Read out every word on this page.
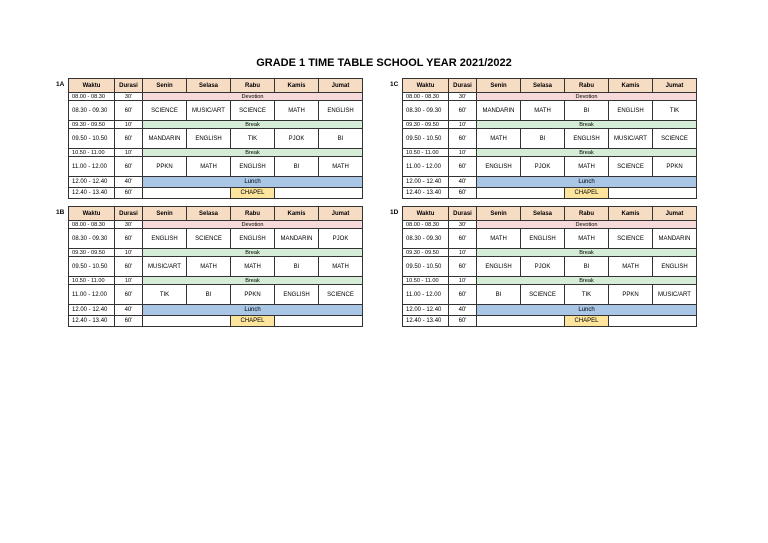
GRADE 1 TIME TABLE SCHOOL YEAR 2021/2022
1A	Waktu	Durasi	Senin	Selasa	Rabu	Kamis	Jumat
08.00 - 08.30	30'	Devotion				
08.30 - 09.30	60'	SCIENCE	MUSIC/ART	SCIENCE	MATH	ENGLISH
09.30 - 09.50	10'	Break				
09.50 - 10.50	60'	MANDARIN	ENGLISH	TIK	PJOK	BI
10.50 - 11.00	10'	Break				
11.00 - 12.00	60'	PPKN	MATH	ENGLISH	BI	MATH
12.00 - 12.40	40'	Lunch				
12.40 - 13.40	60'			CHAPEL		
1C	Waktu	Durasi	Senin	Selasa	Rabu	Kamis	Jumat
08.00 - 08.30	30'	Devotion				
08.30 - 09.30	60'	MANDARIN	MATH	BI	ENGLISH	TIK
09.30 - 09.50	10'	Break				
09.50 - 10.50	60'	MATH	BI	ENGLISH	MUSIC/ART	SCIENCE
10.50 - 11.00	10'	Break				
11.00 - 12.00	60'	ENGLISH	PJOK	MATH	SCIENCE	PPKN
12.00 - 12.40	40'	Lunch				
12.40 - 13.40	60'			CHAPEL		
1B	Waktu	Durasi	Senin	Selasa	Rabu	Kamis	Jumat
08.00 - 08.30	30'	Devotion				
08.30 - 09.30	60'	ENGLISH	SCIENCE	ENGLISH	MANDARIN	PJOK
09.30 - 09.50	10'	Break				
09.50 - 10.50	60'	MUSIC/ART	MATH	MATH	BI	MATH
10.50 - 11.00	10'	Break				
11.00 - 12.00	60'	TIK	BI	PPKN	ENGLISH	SCIENCE
12.00 - 12.40	40'	Lunch				
12.40 - 13.40	60'			CHAPEL		
1D	Waktu	Durasi	Senin	Selasa	Rabu	Kamis	Jumat
08.00 - 08.30	30'	Devotion				
08.30 - 09.30	60'	MATH	ENGLISH	MATH	SCIENCE	MANDARIN
09.30 - 09.50	10'	Break				
09.50 - 10.50	60'	ENGLISH	PJOK	BI	MATH	ENGLISH
10.50 - 11.00	10'	Break				
11.00 - 12.00	60'	BI	SCIENCE	TIK	PPKN	MUSIC/ART
12.00 - 12.40	40'	Lunch				
12.40 - 13.40	60'			CHAPEL		
